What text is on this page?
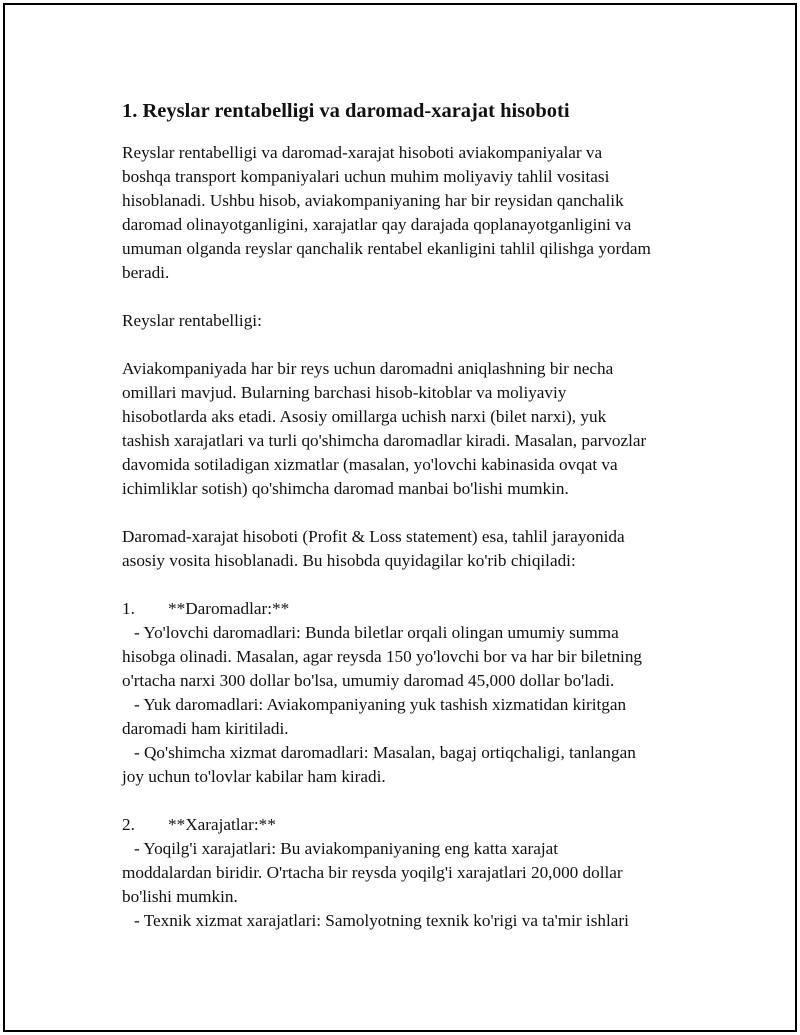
1. Reyslar rentabelligi va daromad-xarajat hisoboti
Reyslar rentabelligi va daromad-xarajat hisoboti aviakompaniyalar va
boshqa transport kompaniyalari uchun muhim moliyaviy tahlil vositasi
hisoblanadi. Ushbu hisob, aviakompaniyaning har bir reysidan qanchalik
daromad olinayotganligini, xarajatlar qay darajada qoplanayotganligini va
umuman olganda reyslar qanchalik rentabel ekanligini tahlil qilishga yordam
beradi.
Reyslar rentabelligi:
Aviakompaniyada har bir reys uchun daromadni aniqlashning bir necha
omillari mavjud. Bularning barchasi hisob-kitoblar va moliyaviy
hisobotlarda aks etadi. Asosiy omillarga uchish narxi (bilet narxi), yuk
tashish xarajatlari va turli qo'shimcha daromadlar kiradi. Masalan, parvozlar
davomida sotiladigan xizmatlar (masalan, yo'lovchi kabinasida ovqat va
ichimliklar sotish) qo'shimcha daromad manbai bo'lishi mumkin.
Daromad-xarajat hisoboti (Profit & Loss statement) esa, tahlil jarayonida
asosiy vosita hisoblanadi. Bu hisobda quyidagilar ko'rib chiqiladi:
1. **Daromadlar:**
- Yo'lovchi daromadlari: Bunda biletlar orqali olingan umumiy summa
hisobga olinadi. Masalan, agar reysda 150 yo'lovchi bor va har bir biletning
o'rtacha narxi 300 dollar bo'lsa, umumiy daromad 45,000 dollar bo'ladi.
- Yuk daromadlari: Aviakompaniyaning yuk tashish xizmatidan kiritgan
daromadi ham kiritiladi.
- Qo'shimcha xizmat daromadlari: Masalan, bagaj ortiqchaligi, tanlangan
joy uchun to'lovlar kabilar ham kiradi.
2. **Xarajatlar:**
- Yoqilg'i xarajatlari: Bu aviakompaniyaning eng katta xarajat
moddalardan biridir. O'rtacha bir reysda yoqilg'i xarajatlari 20,000 dollar
bo'lishi mumkin.
- Texnik xizmat xarajatlari: Samolyotning texnik ko'rigi va ta'mir ishlari
